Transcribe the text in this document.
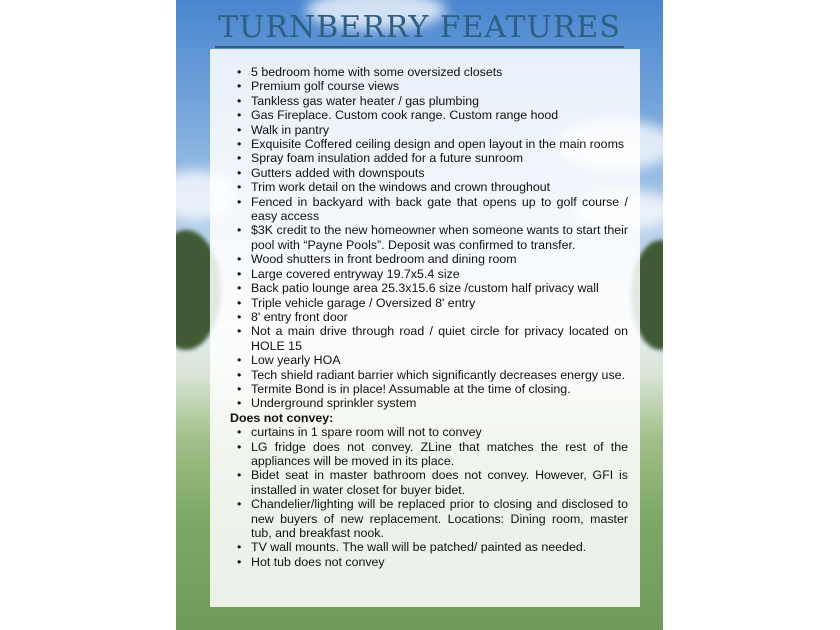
TURNBERRY FEATURES
• 5 bedroom home with some oversized closets
• Premium golf course views
• Tankless gas water heater / gas plumbing
• Gas Fireplace. Custom cook range. Custom range hood
• Walk in pantry
• Exquisite Coffered ceiling design and open layout in the main rooms
• Spray foam insulation added for a future sunroom
• Gutters added with downspouts
• Trim work detail on the windows and crown throughout
• Fenced in backyard with back gate that opens up to golf course / easy access
• $3K credit to the new homeowner when someone wants to start their pool with “Payne Pools”. Deposit was confirmed to transfer.
• Wood shutters in front bedroom and dining room
• Large covered entryway 19.7x5.4 size
• Back patio lounge area 25.3x15.6 size /custom half privacy wall
• Triple vehicle garage / Oversized 8' entry
• 8' entry front door
• Not a main drive through road / quiet circle for privacy located on HOLE 15
• Low yearly HOA
• Tech shield radiant barrier which significantly decreases energy use.
• Termite Bond is in place! Assumable at the time of closing.
• Underground sprinkler system
Does not convey:
• curtains in 1 spare room will not to convey
• LG fridge does not convey. ZLine that matches the rest of the appliances will be moved in its place.
• Bidet seat in master bathroom does not convey. However, GFI is installed in water closet for buyer bidet.
• Chandelier/lighting will be replaced prior to closing and disclosed to new buyers of new replacement. Locations: Dining room, master tub, and breakfast nook.
• TV wall mounts. The wall will be patched/ painted as needed.
• Hot tub does not convey
